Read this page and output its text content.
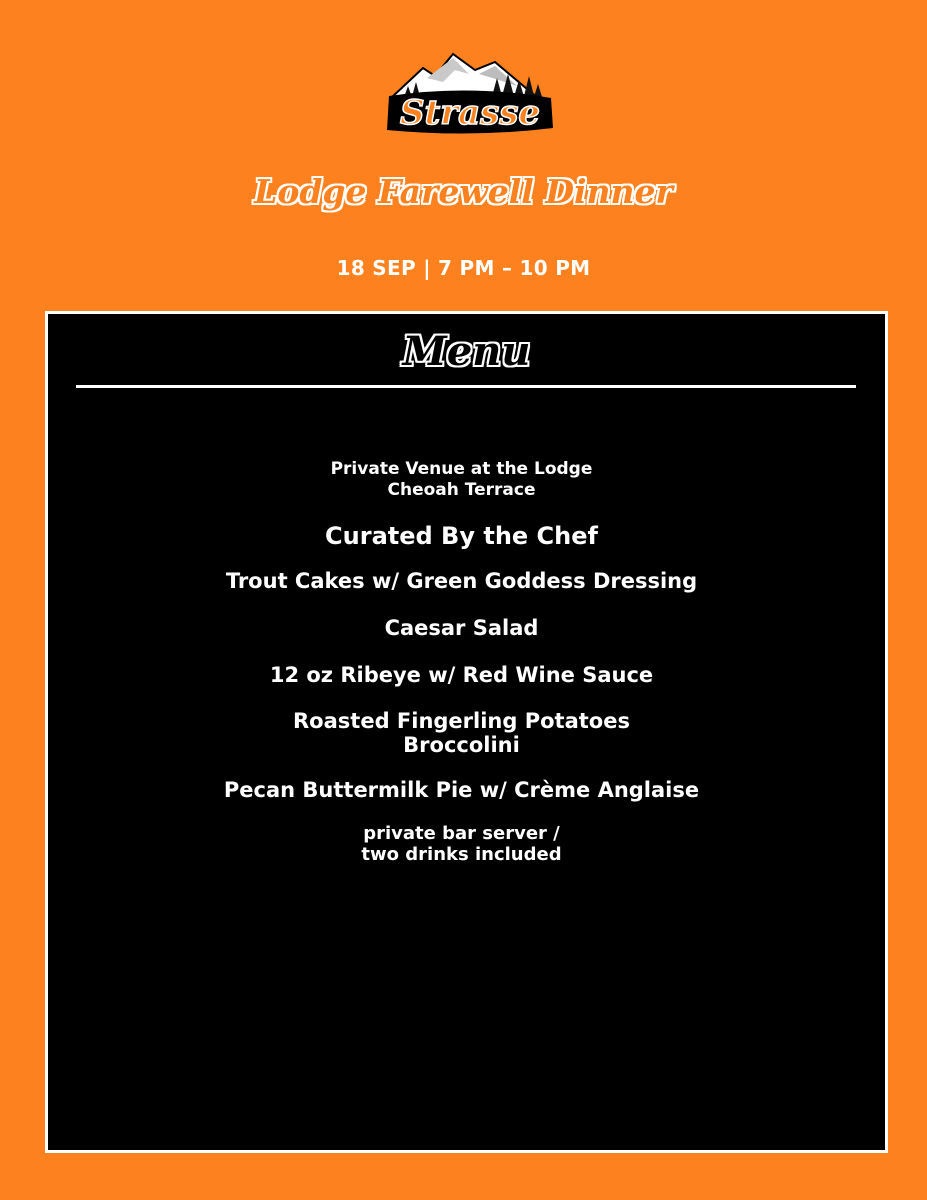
Strasse
Lodge Farewell Dinner
18 SEP | 7 PM – 10 PM
Menu
Private Venue at the Lodge
Cheoah Terrace
Curated By the Chef
Trout Cakes w/ Green Goddess Dressing
Caesar Salad
12 oz Ribeye w/ Red Wine Sauce
Roasted Fingerling Potatoes
Broccolini
Pecan Buttermilk Pie w/ Crème Anglaise
private bar server /
two drinks included
